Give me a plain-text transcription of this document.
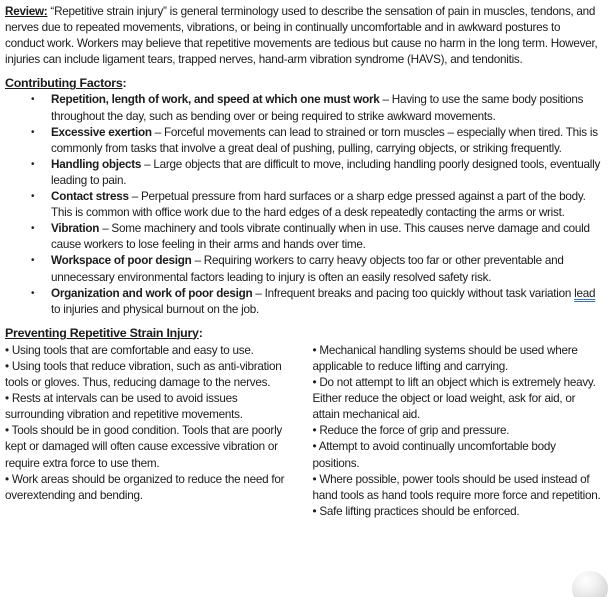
Review: “Repetitive strain injury” is general terminology used to describe the sensation of pain in muscles, tendons, and nerves due to repeated movements, vibrations, or being in continually uncomfortable and in awkward postures to conduct work. Workers may believe that repetitive movements are tedious but cause no harm in the long term. However, injuries can include ligament tears, trapped nerves, hand-arm vibration syndrome (HAVS), and tendonitis.

Contributing Factors:
•	Repetition, length of work, and speed at which one must work – Having to use the same body positions throughout the day, such as bending over or being required to strike awkward movements.
•	Excessive exertion – Forceful movements can lead to strained or torn muscles – especially when tired. This is commonly from tasks that involve a great deal of pushing, pulling, carrying objects, or striking frequently.
•	Handling objects – Large objects that are difficult to move, including handling poorly designed tools, eventually leading to pain.
•	Contact stress – Perpetual pressure from hard surfaces or a sharp edge pressed against a part of the body. This is common with office work due to the hard edges of a desk repeatedly contacting the arms or wrist.
•	Vibration – Some machinery and tools vibrate continually when in use. This causes nerve damage and could cause workers to lose feeling in their arms and hands over time.
•	Workspace of poor design – Requiring workers to carry heavy objects too far or other preventable and unnecessary environmental factors leading to injury is often an easily resolved safety risk.
•	Organization and work of poor design – Infrequent breaks and pacing too quickly without task variation lead to injuries and physical burnout on the job.
Preventing Repetitive Strain Injury:

• Using tools that are comfortable and easy to use.

• Using tools that reduce vibration, such as anti-vibration tools or gloves. Thus, reducing damage to the nerves.

• Rests at intervals can be used to avoid issues surrounding vibration and repetitive movements.

• Tools should be in good condition. Tools that are poorly kept or damaged will often cause excessive vibration or require extra force to use them.

• Work areas should be organized to reduce the need for overextending and bending.

• Mechanical handling systems should be used where applicable to reduce lifting and carrying.

• Do not attempt to lift an object which is extremely heavy. Either reduce the object or load weight, ask for aid, or attain mechanical aid.

• Reduce the force of grip and pressure.

• Attempt to avoid continually uncomfortable body positions.

• Where possible, power tools should be used instead of hand tools as hand tools require more force and repetition.

• Safe lifting practices should be enforced.
